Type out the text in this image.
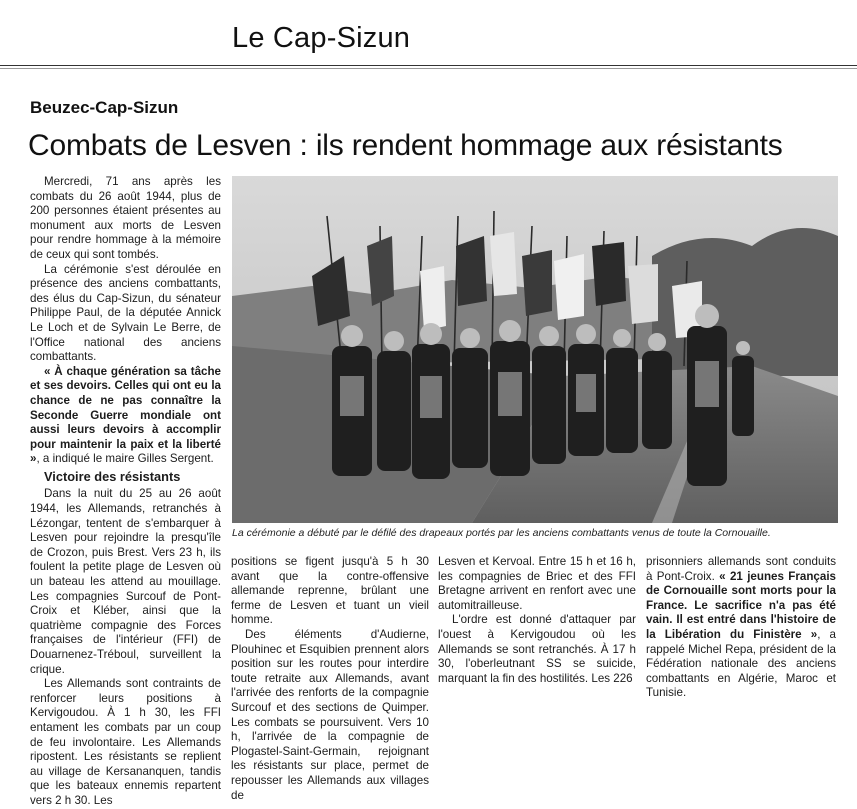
Le Cap-Sizun
Beuzec-Cap-Sizun
Combats de Lesven : ils rendent hommage aux résistants

Mercredi, 71 ans après les combats du 26 août 1944, plus de 200 personnes étaient présentes au monument aux morts de Lesven pour rendre hommage à la mémoire de ceux qui sont tombés.

La cérémonie s'est déroulée en présence des anciens combattants, des élus du Cap-Sizun, du sénateur Philippe Paul, de la députée Annick Le Loch et de Sylvain Le Berre, de l'Office national des anciens combattants.

« À chaque génération sa tâche et ses devoirs. Celles qui ont eu la chance de ne pas connaître la Seconde Guerre mondiale ont aussi leurs devoirs à accomplir pour maintenir la paix et la liberté », a indiqué le maire Gilles Sergent.

Victoire des résistants

Dans la nuit du 25 au 26 août 1944, les Allemands, retranchés à Lézongar, tentent de s'embarquer à Lesven pour rejoindre la presqu'île de Crozon, puis Brest. Vers 23 h, ils foulent la petite plage de Lesven où un bateau les attend au mouillage. Les compagnies Surcouf de Pont-Croix et Kléber, ainsi que la quatrième compagnie des Forces françaises de l'intérieur (FFI) de Douarnenez-Tréboul, surveillent la crique.

Les Allemands sont contraints de renforcer leurs positions à Kervigoudou. À 1 h 30, les FFI entament les combats par un coup de feu involontaire. Les Allemands ripostent. Les résistants se replient au village de Kersananquen, tandis que les bateaux ennemis repartent vers 2 h 30. Les

La cérémonie a débuté par le défilé des drapeaux portés par les anciens combattants venus de toute la Cornouaille.

positions se figent jusqu'à 5 h 30 avant que la contre-offensive allemande reprenne, brûlant une ferme de Lesven et tuant un vieil homme.

Des éléments d'Audierne, Plouhinec et Esquibien prennent alors position sur les routes pour interdire toute retraite aux Allemands, avant l'arrivée des renforts de la compagnie Surcouf et des sections de Quimper. Les combats se poursuivent. Vers 10 h, l'arrivée de la compagnie de Plogastel-Saint-Germain, rejoignant les résistants sur place, permet de repousser les Allemands aux villages de

Lesven et Kervoal. Entre 15 h et 16 h, les compagnies de Briec et des FFI Bretagne arrivent en renfort avec une automitrailleuse.

L'ordre est donné d'attaquer par l'ouest à Kervigoudou où les Allemands se sont retranchés. À 17 h 30, l'oberleutnant SS se suicide, marquant la fin des hostilités. Les 226

prisonniers allemands sont conduits à Pont-Croix. « 21 jeunes Français de Cornouaille sont morts pour la France. Le sacrifice n'a pas été vain. Il est entré dans l'histoire de la Libération du Finistère », a rappelé Michel Repa, président de la Fédération nationale des anciens combattants en Algérie, Maroc et Tunisie.
